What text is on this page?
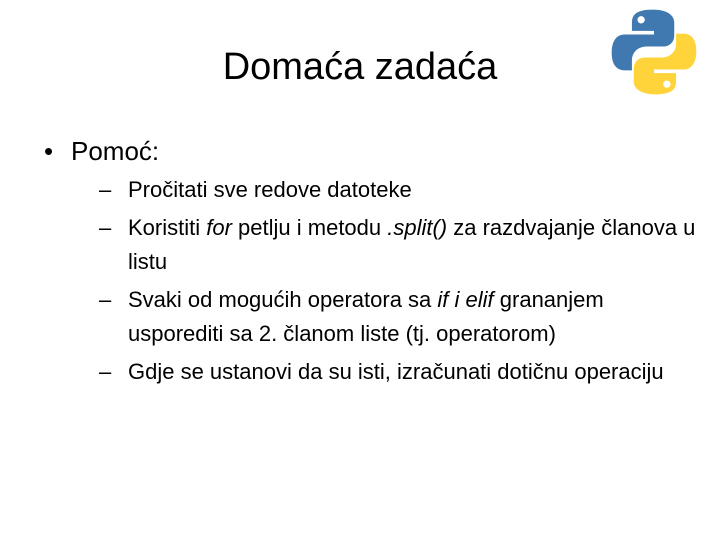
Domaća zadaća
• Pomoć:
– Pročitati sve redove datoteke
– Koristiti for petlju i metodu .split() za razdvajanje članova u listu
– Svaki od mogućih operatora sa if i elif grananjem usporediti sa 2. članom liste (tj. operatorom)
– Gdje se ustanovi da su isti, izračunati dotičnu operaciju
